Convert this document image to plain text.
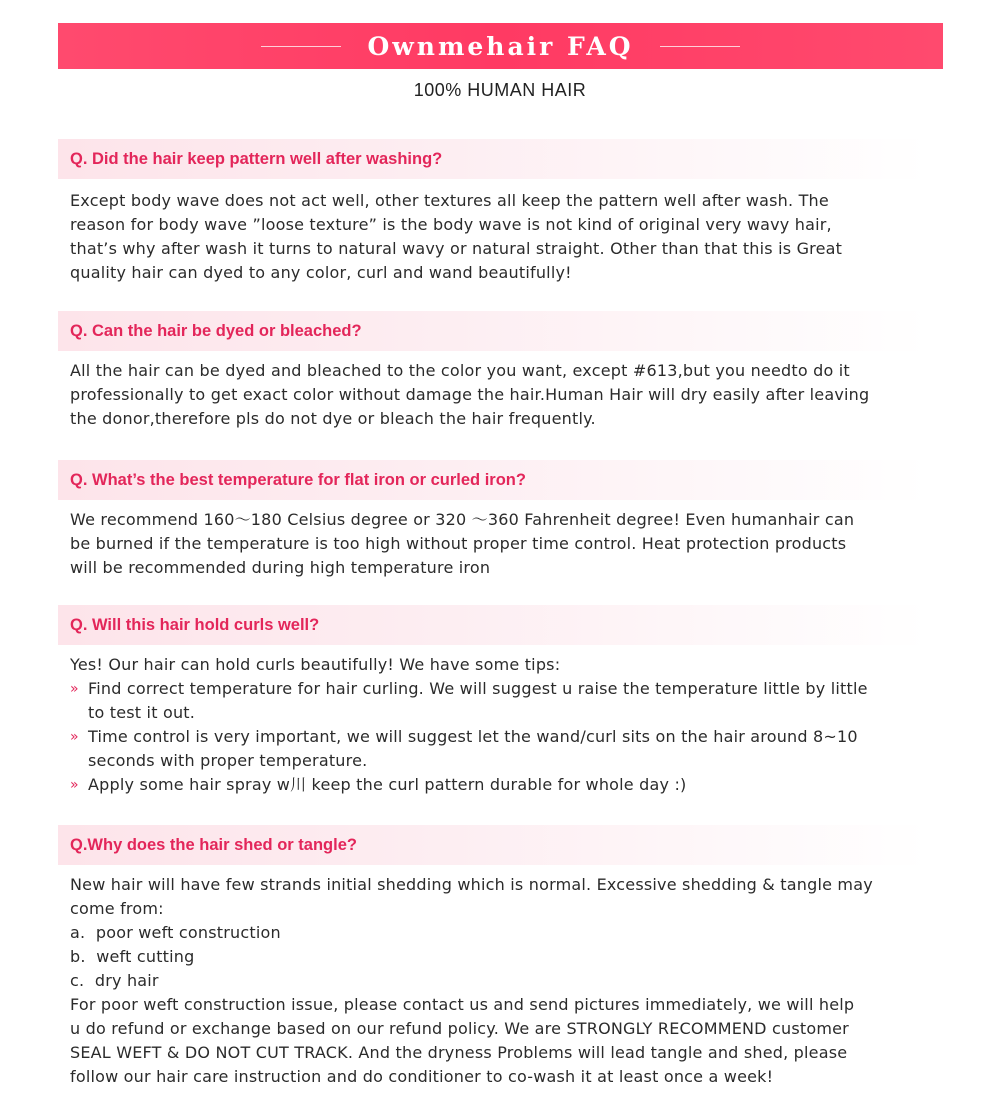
Ownmehair FAQ
100% HUMAN HAIR
Q. Did the hair keep pattern well after washing?

Except body wave does not act well, other textures all keep the pattern well after wash. The

reason for body wave ”loose texture” is the body wave is not kind of original very wavy hair,

that’s why after wash it turns to natural wavy or natural straight. Other than that this is Great

quality hair can dyed to any color, curl and wand beautifully!

Q. Can the hair be dyed or bleached?

All the hair can be dyed and bleached to the color you want, except #613,but you needto do it

professionally to get exact color without damage the hair.Human Hair will dry easily after leaving

the donor,therefore pls do not dye or bleach the hair frequently.

Q. What’s the best temperature for flat iron or curled iron?

We recommend 160～180 Celsius degree or 320 ～360 Fahrenheit degree! Even humanhair can

be burned if the temperature is too high without proper time control. Heat protection products

will be recommended during high temperature iron

Q. Will this hair hold curls well?

Yes! Our hair can hold curls beautifully! We have some tips:

» Find correct temperature for hair curling. We will suggest u raise the temperature little by little
to test it out.
» Time control is very important, we will suggest let the wand/curl sits on the hair around 8~10
seconds with proper temperature.
» Apply some hair spray w川 keep the curl pattern durable for whole day :)
Q.Why does the hair shed or tangle?

New hair will have few strands initial shedding which is normal. Excessive shedding & tangle may

come from:

a.  poor weft construction

b.  weft cutting

c.  dry hair

For poor weft construction issue, please contact us and send pictures immediately, we will help

u do refund or exchange based on our refund policy. We are STRONGLY RECOMMEND customer

SEAL WEFT & DO NOT CUT TRACK. And the dryness Problems will lead tangle and shed, please

follow our hair care instruction and do conditioner to co-wash it at least once a week!
